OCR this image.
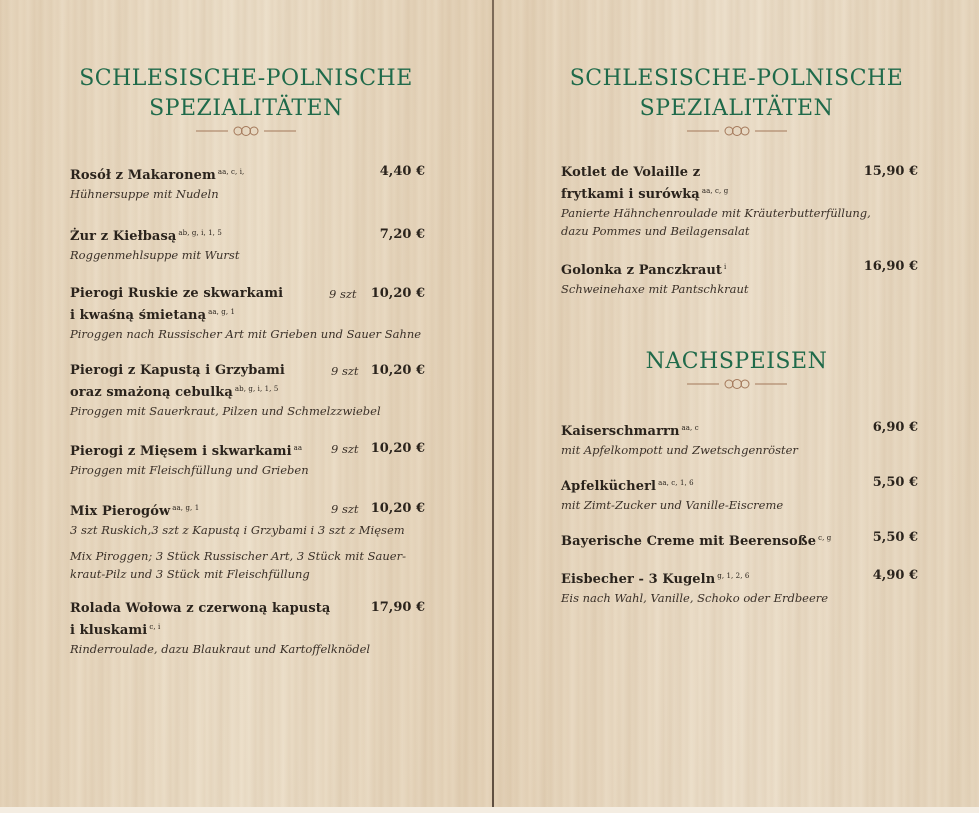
SCHLESISCHE-POLNISCHE
SPEZIALITÄTEN
Rosół z Makaronem $^{aa, c, i,}$
Hühnersuppe mit Nudeln
4,40 €
Żur z Kiełbasą $^{ab, g, i, 1, 5}$
Roggenmehlsuppe mit Wurst
7,20 €
Pierogi Ruskie ze skwarkami
i kwaśną śmietaną $^{aa, g, 1}$
Piroggen nach Russischer Art mit Grieben und Sauer Sahne
9 szt 10,20 €
Pierogi z Kapustą i Grzybami
oraz smażoną cebulką $^{ab, g, i, 1, 5}$
Piroggen mit Sauerkraut, Pilzen und Schmelzzwiebel
9 szt 10,20 €
Pierogi z Mięsem i skwarkami $^{aa}$
Piroggen mit Fleischfüllung und Grieben
9 szt 10,20 €
Mix Pierogów $^{aa, g, 1}$
3 szt Ruskich,3 szt z Kapustą i Grzybami i 3 szt z Mięsem
Mix Piroggen; 3 Stück Russischer Art, 3 Stück mit Sauer-
kraut-Pilz und 3 Stück mit Fleischfüllung
9 szt 10,20 €
Rolada Wołowa z czerwoną kapustą
i kluskami $^{c, i}$
Rinderroulade, dazu Blaukraut und Kartoffelknödel
17,90 €
SCHLESISCHE-POLNISCHE
SPEZIALITÄTEN
Kotlet de Volaille z
frytkami i surówką $^{aa, c, g}$
Panierte Hähnchenroulade mit Kräuterbutterfüllung,
dazu Pommes und Beilagensalat
15,90 €
Golonka z Panczkraut $^i$
Schweinehaxe mit Pantschkraut
16,90 €
NACHSPEISEN
Kaiserschmarrn $^{aa, c}$
mit Apfelkompott und Zwetschgenröster
6,90 €
Apfelkücherl $^{aa, c, 1, 6}$
mit Zimt-Zucker und Vanille-Eiscreme
5,50 €
Bayerische Creme mit Beerensoße $^{c, g}$	5,50 €
Eisbecher - 3 Kugeln $^{g, 1, 2, 6}$
Eis nach Wahl, Vanille, Schoko oder Erdbeere
4,90 €
